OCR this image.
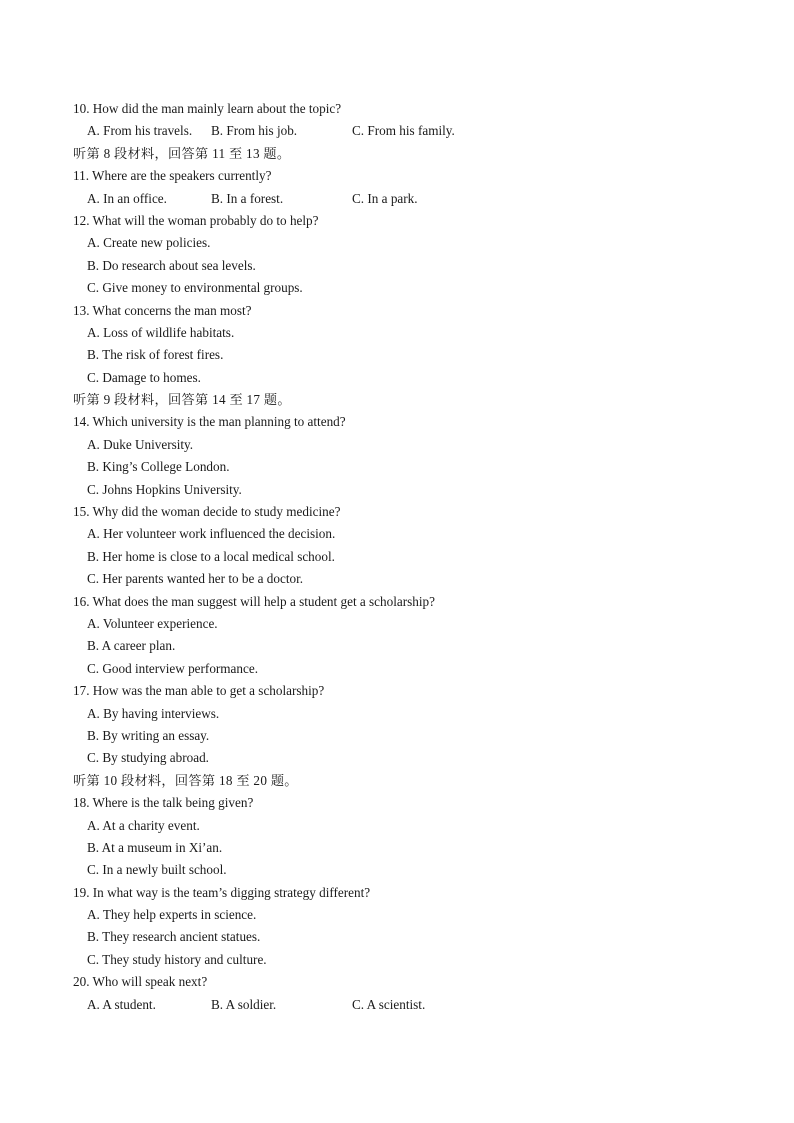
10. How did the man mainly learn about the topic?
A. From his travels. B. From his job.	C. From his family.
听第 8 段材料，回答第 11 至 13 题。
11. Where are the speakers currently?
A. In an office.	B. In a forest.	C. In a park.
12. What will the woman probably do to help?
A. Create new policies.
B. Do research about sea levels.
C. Give money to environmental groups.
13. What concerns the man most?
A. Loss of wildlife habitats.
B. The risk of forest fires.
C. Damage to homes.
听第 9 段材料，回答第 14 至 17 题。
14. Which university is the man planning to attend?
A. Duke University.
B. King’s College London.
C. Johns Hopkins University.
15. Why did the woman decide to study medicine?
A. Her volunteer work influenced the decision.
B. Her home is close to a local medical school.
C. Her parents wanted her to be a doctor.
16. What does the man suggest will help a student get a scholarship?
A. Volunteer experience.
B. A career plan.
C. Good interview performance.
17. How was the man able to get a scholarship?
A. By having interviews.
B. By writing an essay.
C. By studying abroad.
听第 10 段材料，回答第 18 至 20 题。
18. Where is the talk being given?
A. At a charity event.
B. At a museum in Xi’an.
C. In a newly built school.
19. In what way is the team’s digging strategy different?
A. They help experts in science.
B. They research ancient statues.
C. They study history and culture.
20. Who will speak next?
A. A student.	B. A soldier.	C. A scientist.
